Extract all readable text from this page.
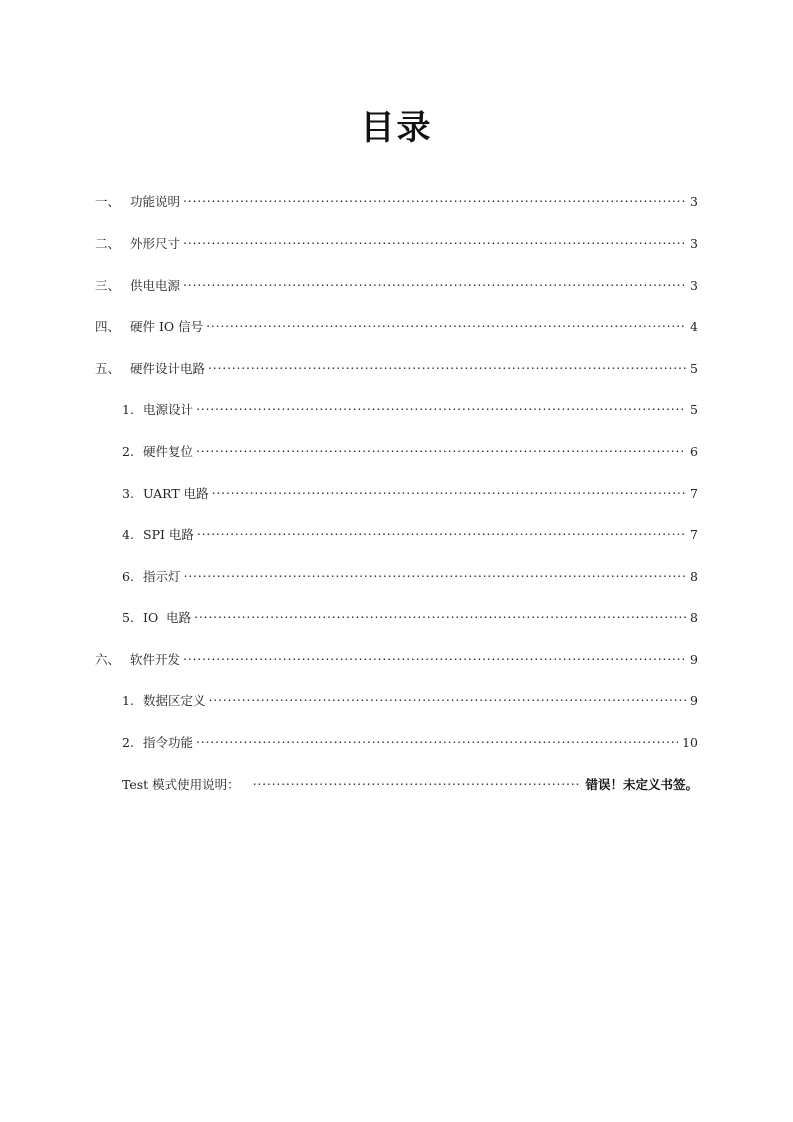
目录
一、 功能说明 . . .	3
二、 外形尺寸 . . .	3
三、 供电电源 . . .	3
四、 硬件 IO 信号 . . .	4
五、 硬件设计电路 . . .	5
1. 电源设计 . . .	5
2. 硬件复位 . . .	6
3. UART 电路 . . .	7
4. SPI 电路 . . .	7
6. 指示灯 . . .	8
5. IO  电路 . . .	8
六、 软件开发 . . .	9
1. 数据区定义 . . .	9
2. 指令功能 . . .	10
Test 模式使用说明： . . .	错误！未定义书签。
